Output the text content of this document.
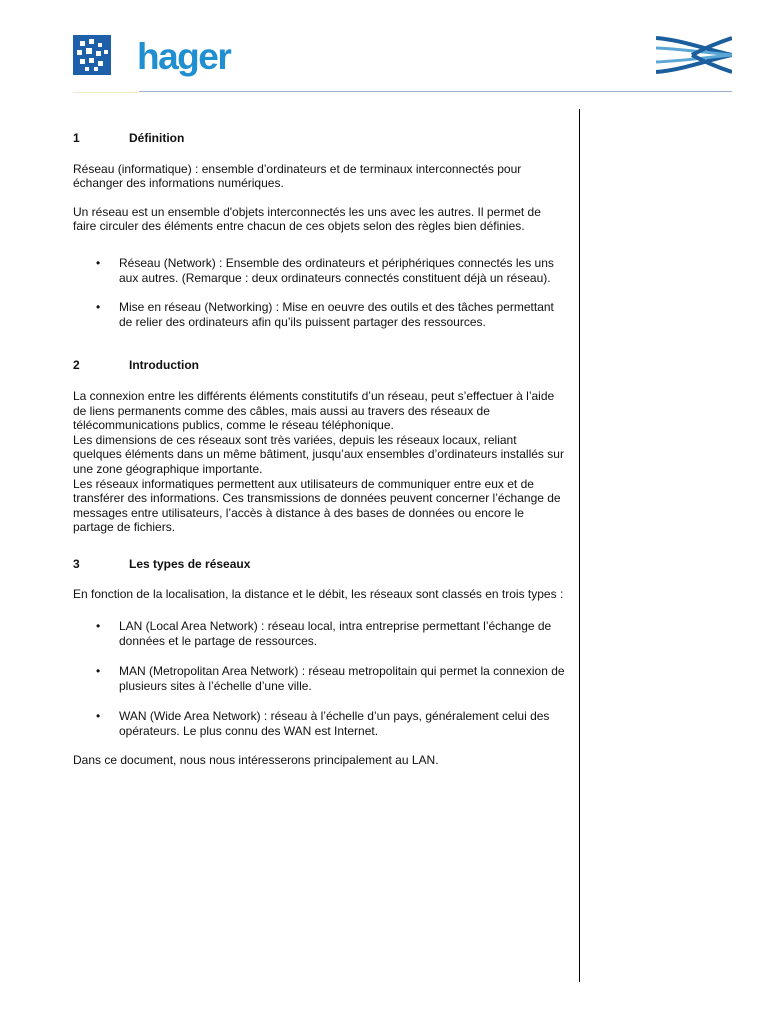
hager
1	Définition

Réseau (informatique) : ensemble d’ordinateurs et de terminaux interconnectés pour échanger des informations numériques.

Un réseau est un ensemble d'objets interconnectés les uns avec les autres. Il permet de faire circuler des éléments entre chacun de ces objets selon des règles bien définies.

• Réseau (Network) : Ensemble des ordinateurs et périphériques connectés les uns aux autres. (Remarque : deux ordinateurs connectés constituent déjà un réseau).
• Mise en réseau (Networking) : Mise en oeuvre des outils et des tâches permettant de relier des ordinateurs afin qu’ils puissent partager des ressources.
2	Introduction

La connexion entre les différents éléments constitutifs d’un réseau, peut s’effectuer à l’aide de liens permanents comme des câbles, mais aussi au travers des réseaux de télécommunications publics, comme le réseau téléphonique.

Les dimensions de ces réseaux sont très variées, depuis les réseaux locaux, reliant quelques éléments dans un même bâtiment, jusqu’aux ensembles d’ordinateurs installés sur une zone géographique importante.

Les réseaux informatiques permettent aux utilisateurs de communiquer entre eux et de transférer des informations. Ces transmissions de données peuvent concerner l’échange de messages entre utilisateurs, l’accès à distance à des bases de données ou encore le partage de fichiers.

3	Les types de réseaux

En fonction de la localisation, la distance et le débit, les réseaux sont classés en trois types :

• LAN (Local Area Network) : réseau local, intra entreprise permettant l’échange de données et le partage de ressources.
• MAN (Metropolitan Area Network) : réseau metropolitain qui permet la connexion de plusieurs sites à l’échelle d’une ville.
• WAN (Wide Area Network) : réseau à l’échelle d’un pays, généralement celui des opérateurs. Le plus connu des WAN est Internet.

Dans ce document, nous nous intéresserons principalement au LAN.
